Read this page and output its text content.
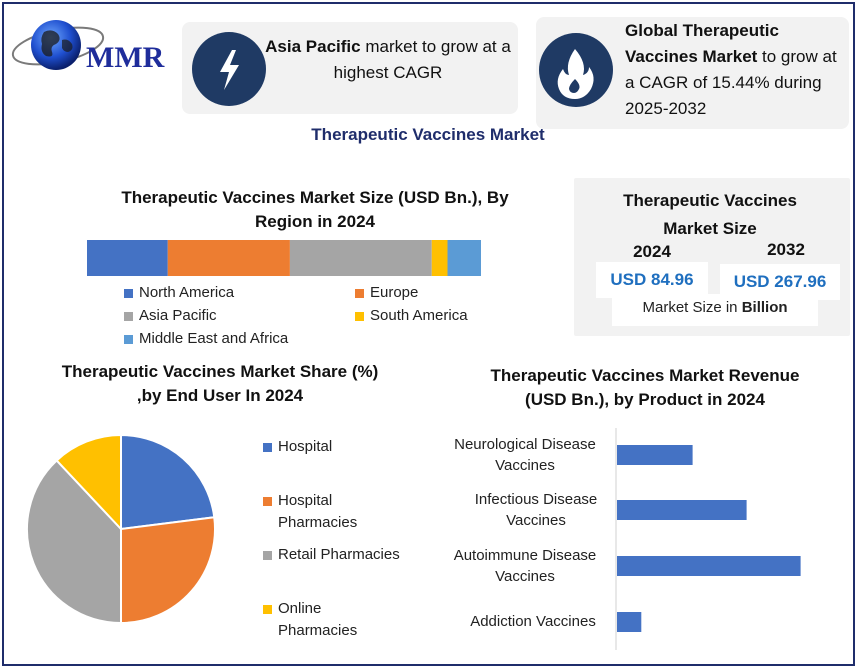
MMR	Asia Pacific market to grow at a highest CAGR
Global Therapeutic Vaccines Market to grow at a CAGR of 15.44% during 2025-2032
Therapeutic Vaccines Market
Therapeutic Vaccines Market Size (USD Bn.), By Region in 2024
North America	Europe
Asia Pacific	South America
Middle East and Africa
Therapeutic Vaccines Market Size
2024	2032
USD 84.96	USD 267.96
Market Size in Billion
Therapeutic Vaccines Market Share (%) ,by End User In 2024
Hospital
Hospital Pharmacies
Retail Pharmacies
Online Pharmacies
Therapeutic Vaccines Market Revenue (USD Bn.), by Product in 2024
Neurological Disease Vaccines
Infectious Disease Vaccines
Autoimmune Disease Vaccines
Addiction Vaccines
